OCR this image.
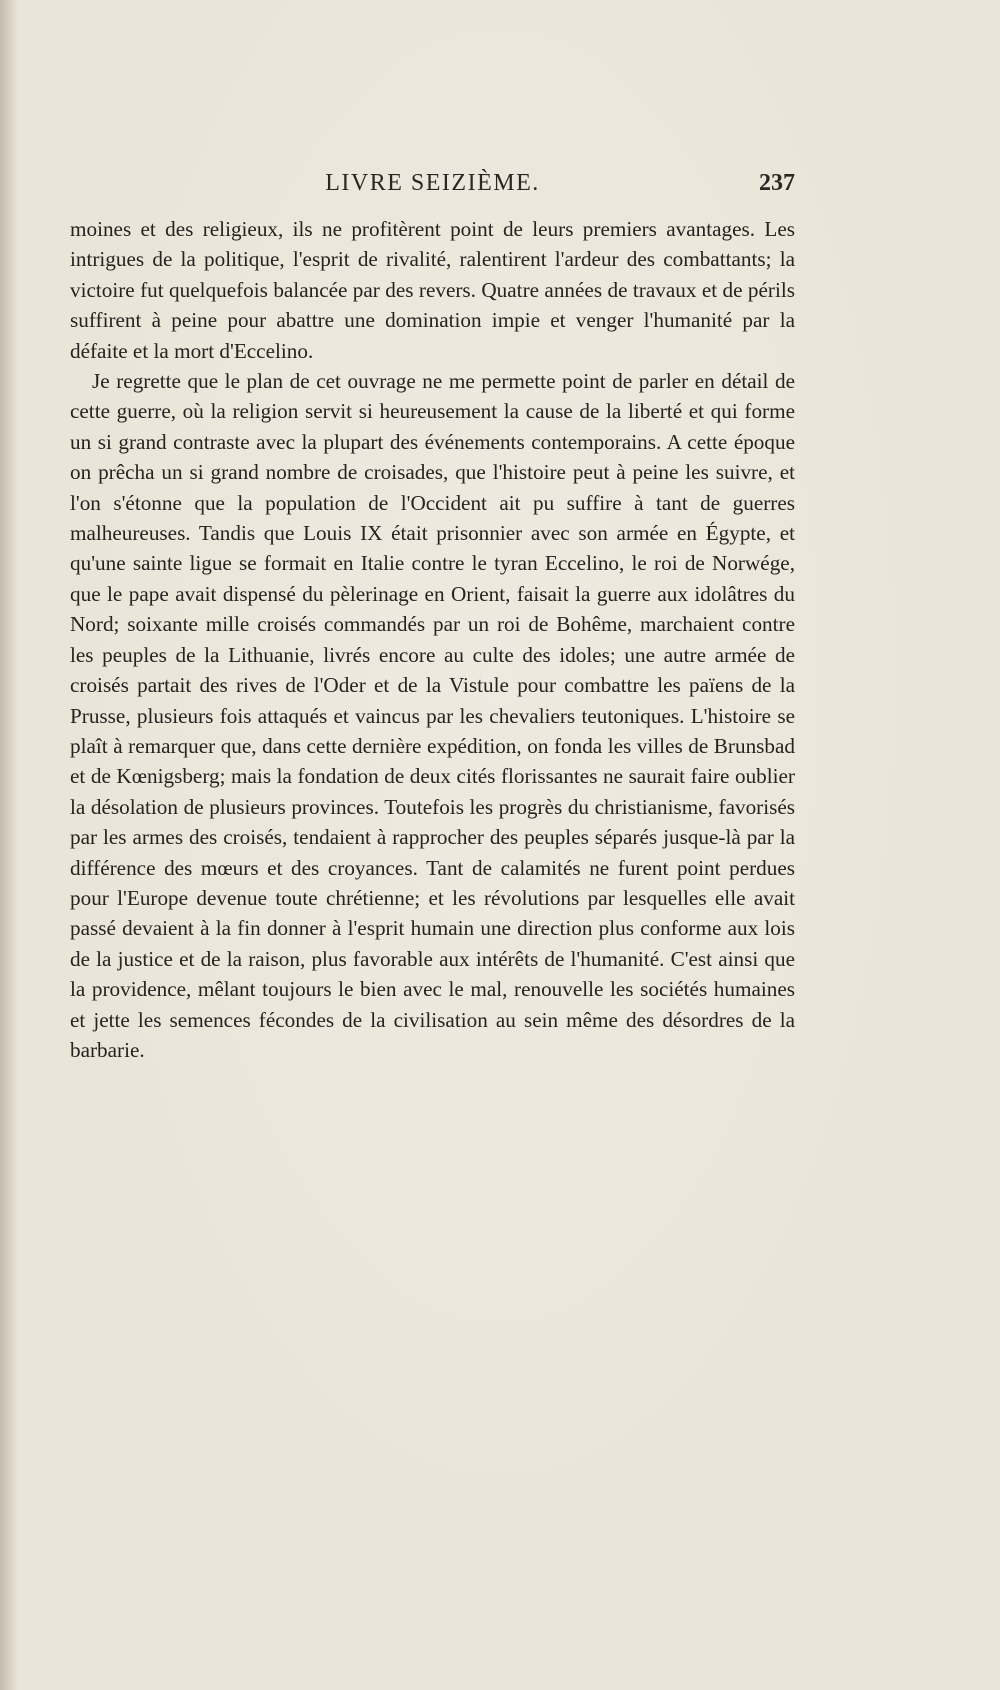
LIVRE SEIZIÈME.	237

moines et des religieux, ils ne profitèrent point de leurs premiers avantages. Les intrigues de la politique, l'esprit de rivalité, ralentirent l'ardeur des combattants; la victoire fut quelquefois balancée par des revers. Quatre années de travaux et de périls suffirent à peine pour abattre une domination impie et venger l'humanité par la défaite et la mort d'Eccelino.

Je regrette que le plan de cet ouvrage ne me permette point de parler en détail de cette guerre, où la religion servit si heureusement la cause de la liberté et qui forme un si grand contraste avec la plupart des événements contemporains. A cette époque on prêcha un si grand nombre de croisades, que l'histoire peut à peine les suivre, et l'on s'étonne que la population de l'Occident ait pu suffire à tant de guerres malheureuses. Tandis que Louis IX était prisonnier avec son armée en Égypte, et qu'une sainte ligue se formait en Italie contre le tyran Eccelino, le roi de Norwége, que le pape avait dispensé du pèlerinage en Orient, faisait la guerre aux idolâtres du Nord; soixante mille croisés commandés par un roi de Bohême, marchaient contre les peuples de la Lithuanie, livrés encore au culte des idoles; une autre armée de croisés partait des rives de l'Oder et de la Vistule pour combattre les païens de la Prusse, plusieurs fois attaqués et vaincus par les chevaliers teutoniques. L'histoire se plaît à remarquer que, dans cette dernière expédition, on fonda les villes de Brunsbad et de Kœnigsberg; mais la fondation de deux cités florissantes ne saurait faire oublier la désolation de plusieurs provinces. Toutefois les progrès du christianisme, favorisés par les armes des croisés, tendaient à rapprocher des peuples séparés jusque-là par la différence des mœurs et des croyances. Tant de calamités ne furent point perdues pour l'Europe devenue toute chrétienne; et les révolutions par lesquelles elle avait passé devaient à la fin donner à l'esprit humain une direction plus conforme aux lois de la justice et de la raison, plus favorable aux intérêts de l'humanité. C'est ainsi que la providence, mêlant toujours le bien avec le mal, renouvelle les sociétés humaines et jette les semences fécondes de la civilisation au sein même des désordres de la barbarie.
